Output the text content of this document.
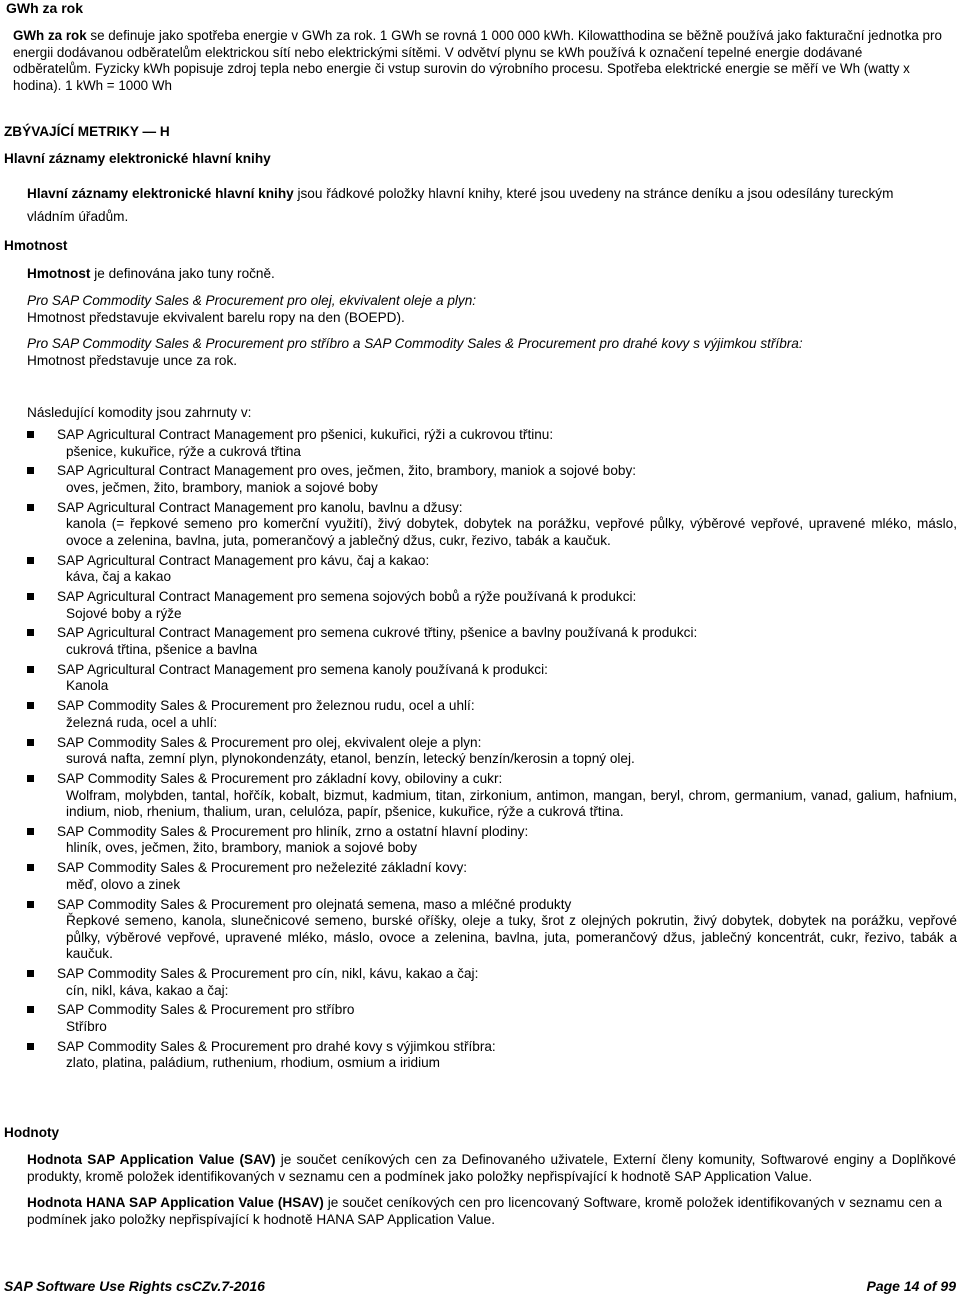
GWh za rok

GWh za rok se definuje jako spotřeba energie v GWh za rok. 1 GWh se rovná 1 000 000 kWh. Kilowatthodina se běžně používá jako fakturační jednotka pro energii dodávanou odběratelům elektrickou sítí nebo elektrickými sítěmi. V odvětví plynu se kWh používá k označení tepelné energie dodávané odběratelům. Fyzicky kWh popisuje zdroj tepla nebo energie či vstup surovin do výrobního procesu. Spotřeba elektrické energie se měří ve Wh (watty x hodina). 1 kWh = 1000 Wh

ZBÝVAJÍCÍ METRIKY — H
Hlavní záznamy elektronické hlavní knihy
Hlavní záznamy elektronické hlavní knihy jsou řádkové položky hlavní knihy, které jsou uvedeny na stránce deníku a jsou odesílány tureckým vládním úřadům.
Hmotnost
Hmotnost je definována jako tuny ročně.

Pro SAP Commodity Sales & Procurement pro olej, ekvivalent oleje a plyn:

Hmotnost představuje ekvivalent barelu ropy na den (BOEPD).

Pro SAP Commodity Sales & Procurement pro stříbro a SAP Commodity Sales & Procurement pro drahé kovy s výjimkou stříbra:

Hmotnost představuje unce za rok.

Následující komodity jsou zahrnuty v:
SAP Agricultural Contract Management pro pšenici, kukuřici, rýži a cukrovou třtinu:
pšenice, kukuřice, rýže a cukrová třtina
SAP Agricultural Contract Management pro oves, ječmen, žito, brambory, maniok a sojové boby:
oves, ječmen, žito, brambory, maniok a sojové boby
SAP Agricultural Contract Management pro kanolu, bavlnu a džusy:
kanola (= řepkové semeno pro komerční využití), živý dobytek, dobytek na porážku, vepřové půlky, výběrové vepřové, upravené mléko, máslo, ovoce a zelenina, bavlna, juta, pomerančový a jablečný džus, cukr, řezivo, tabák a kaučuk.
SAP Agricultural Contract Management pro kávu, čaj a kakao:
káva, čaj a kakao
SAP Agricultural Contract Management pro semena sojových bobů a rýže používaná k produkci:
Sojové boby a rýže
SAP Agricultural Contract Management pro semena cukrové třtiny, pšenice a bavlny používaná k produkci:
cukrová třtina, pšenice a bavlna
SAP Agricultural Contract Management pro semena kanoly používaná k produkci:
Kanola
SAP Commodity Sales & Procurement pro železnou rudu, ocel a uhlí:
železná ruda, ocel a uhlí:
SAP Commodity Sales & Procurement pro olej, ekvivalent oleje a plyn:
surová nafta, zemní plyn, plynokondenzáty, etanol, benzín, letecký benzín/kerosin a topný olej.
SAP Commodity Sales & Procurement pro základní kovy, obiloviny a cukr:
Wolfram, molybden, tantal, hořčík, kobalt, bizmut, kadmium, titan, zirkonium, antimon, mangan, beryl, chrom, germanium, vanad, galium, hafnium, indium, niob, rhenium, thalium, uran, celulóza, papír, pšenice, kukuřice, rýže a cukrová třtina.
SAP Commodity Sales & Procurement pro hliník, zrno a ostatní hlavní plodiny:
hliník, oves, ječmen, žito, brambory, maniok a sojové boby
SAP Commodity Sales & Procurement pro neželezité základní kovy:
měď, olovo a zinek
SAP Commodity Sales & Procurement pro olejnatá semena, maso a mléčné produkty
Řepkové semeno, kanola, slunečnicové semeno, burské oříšky, oleje a tuky, šrot z olejných pokrutin, živý dobytek, dobytek na porážku, vepřové půlky, výběrové vepřové, upravené mléko, máslo, ovoce a zelenina, bavlna, juta, pomerančový džus, jablečný koncentrát, cukr, řezivo, tabák a kaučuk.
SAP Commodity Sales & Procurement pro cín, nikl, kávu, kakao a čaj:
cín, nikl, káva, kakao a čaj:
SAP Commodity Sales & Procurement pro stříbro
Stříbro
SAP Commodity Sales & Procurement pro drahé kovy s výjimkou stříbra:
zlato, platina, paládium, ruthenium, rhodium, osmium a iridium
Hodnoty

Hodnota SAP Application Value (SAV) je součet ceníkových cen za Definovaného uživatele, Externí členy komunity, Softwarové enginy a Doplňkové produkty, kromě položek identifikovaných v seznamu cen a podmínek jako položky nepřispívající k hodnotě SAP Application Value.

Hodnota HANA SAP Application Value (HSAV) je součet ceníkových cen pro licencovaný Software, kromě položek identifikovaných v seznamu cen a podmínek jako položky nepřispívající k hodnotě HANA SAP Application Value.

SAP Software Use Rights csCZv.7-2016	Page 14 of 99
